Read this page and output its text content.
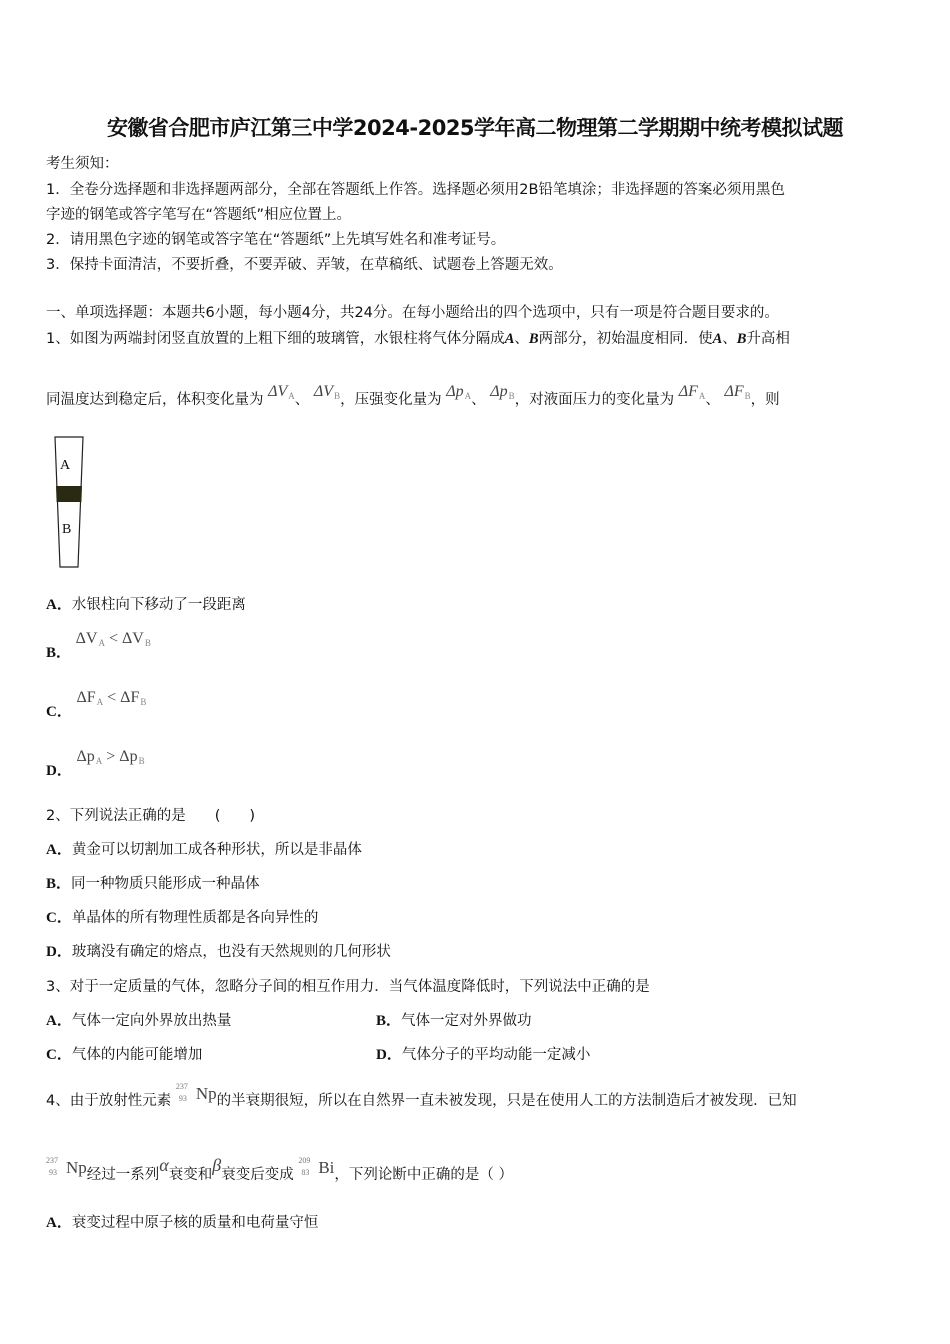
安徽省合肥市庐江第三中学2024-2025学年高二物理第二学期期中统考模拟试题
考生须知：
1．全卷分选择题和非选择题两部分，全部在答题纸上作答。选择题必须用2B铅笔填涂；非选择题的答案必须用黑色
字迹的钢笔或答字笔写在“答题纸”相应位置上。
2．请用黑色字迹的钢笔或答字笔在“答题纸”上先填写姓名和准考证号。
3．保持卡面清洁，不要折叠，不要弄破、弄皱，在草稿纸、试题卷上答题无效。
一、单项选择题：本题共6小题，每小题4分，共24分。在每小题给出的四个选项中，只有一项是符合题目要求的。
1、如图为两端封闭竖直放置的上粗下细的玻璃管，水银柱将气体分隔成A、B两部分，初始温度相同．使A、B升高相
同温度达到稳定后，体积变化量为 $\Delta V_A$、 $\Delta V_B$，压强变化量为 $\Delta p_A$、 $\Delta p_B$，对液面压力的变化量为 $\Delta F_A$、 $\Delta F_B$，则
A
B
A．水银柱向下移动了一段距离
B． $\Delta V_A < \Delta V_B$
C． $\Delta F_A < \Delta F_B$
D． $\Delta p_A > \Delta p_B$
2、下列说法正确的是　　(　　)
A．黄金可以切割加工成各种形状，所以是非晶体
B．同一种物质只能形成一种晶体
C．单晶体的所有物理性质都是各向异性的
D．玻璃没有确定的熔点，也没有天然规则的几何形状
3、对于一定质量的气体，忽略分子间的相互作用力．当气体温度降低时，下列说法中正确的是
A．气体一定向外界放出热量	B．气体一定对外界做功
C．气体的内能可能增加	D．气体分子的平均动能一定减小
4、由于放射性元素
237
93 Np的半衰期很短，所以在自然界一直未被发现，只是在使用人工的方法制造后才被发现．已知
237
93 Np经过一系列α衰变和β衰变后变成
209
83 Bi，下列论断中正确的是（ ）
A．衰变过程中原子核的质量和电荷量守恒
